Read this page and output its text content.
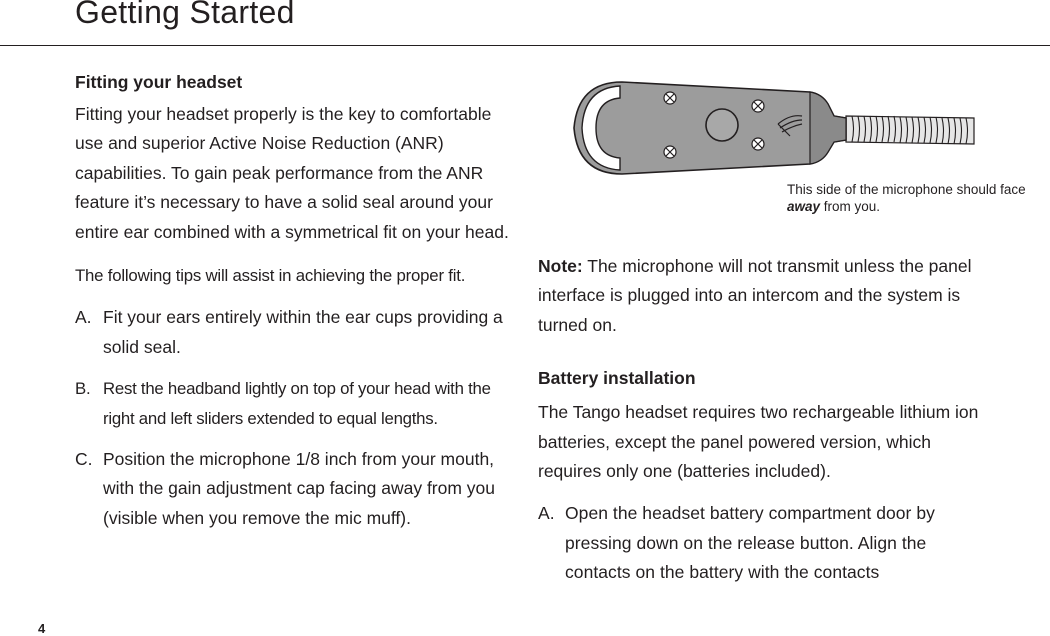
Getting Started
Fitting your headset

Fitting your headset properly is the key to comfortable use and superior Active Noise Reduction (ANR) capabilities. To gain peak performance from the ANR feature it’s necessary to have a solid seal around your entire ear combined with a symmetrical fit on your head.

The following tips will assist in achieving the proper fit.

A. Fit your ears entirely within the ear cups providing a solid seal.
B. Rest the headband lightly on top of your head with the right and left sliders extended to equal lengths.
C. Position the microphone 1/8 inch from your mouth, with the gain adjustment cap facing away from you (visible when you remove the mic muff).
This side of the microphone should face away from you.

Note: The microphone will not transmit unless the panel interface is plugged into an intercom and the system is turned on.

Battery installation

The Tango headset requires two rechargeable lithium ion batteries, except the panel powered version, which requires only one (batteries included).

A. Open the headset battery compartment door by pressing down on the release button. Align the contacts on the battery with the contacts
4
